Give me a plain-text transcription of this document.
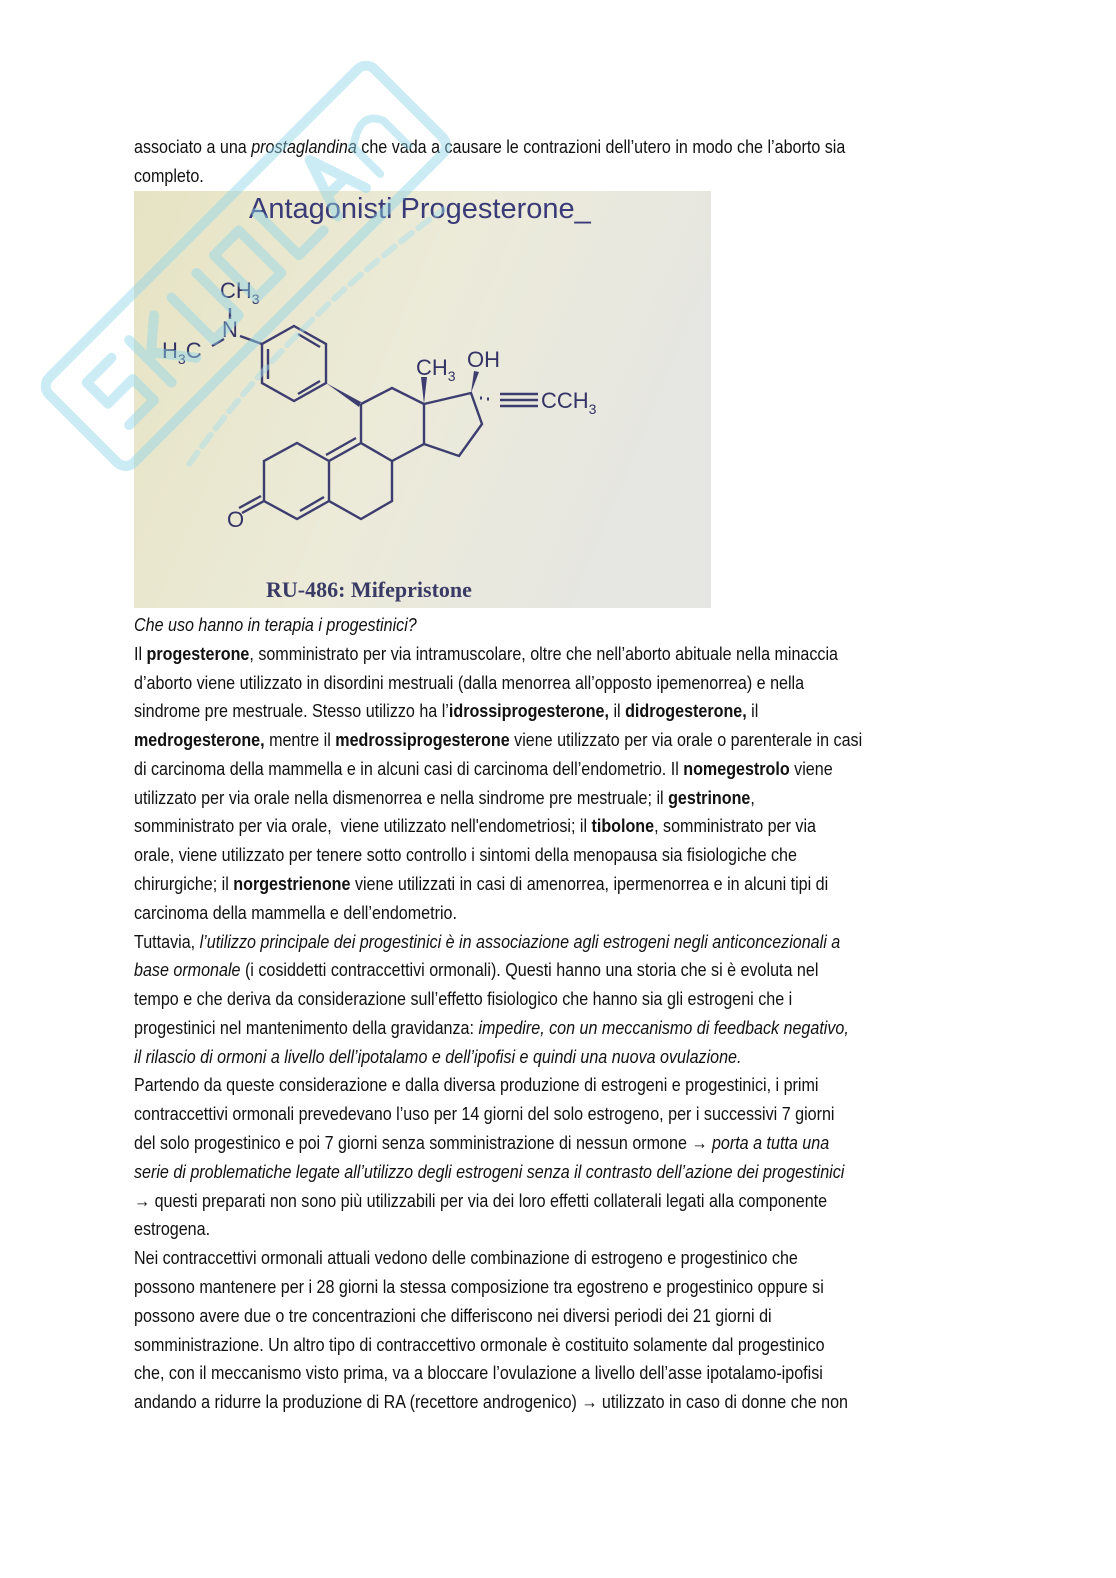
associato a una prostaglandina che vada a causare le contrazioni dell’utero in modo che l’aborto sia
completo.
Antagonisti Progesterone_
$CH_3$
N
$H_3C$
$CH_3$
OH
$CCH_3$
O
RU-486: Mifepristone
Che uso hanno in terapia i progestinici?
Il progesterone, somministrato per via intramuscolare, oltre che nell’aborto abituale nella minaccia
d’aborto viene utilizzato in disordini mestruali (dalla menorrea all’opposto ipemenorrea) e nella
sindrome pre mestruale. Stesso utilizzo ha l’idrossiprogesterone, il didrogesterone, il
medrogesterone, mentre il medrossiprogesterone viene utilizzato per via orale o parenterale in casi
di carcinoma della mammella e in alcuni casi di carcinoma dell’endometrio. Il nomegestrolo viene
utilizzato per via orale nella dismenorrea e nella sindrome pre mestruale; il gestrinone,
somministrato per via orale,  viene utilizzato nell'endometriosi; il tibolone, somministrato per via
orale, viene utilizzato per tenere sotto controllo i sintomi della menopausa sia fisiologiche che
chirurgiche; il norgestrienone viene utilizzati in casi di amenorrea, ipermenorrea e in alcuni tipi di
carcinoma della mammella e dell’endometrio.
Tuttavia, l’utilizzo principale dei progestinici è in associazione agli estrogeni negli anticoncezionali a
base ormonale (i cosiddetti contraccettivi ormonali). Questi hanno una storia che si è evoluta nel
tempo e che deriva da considerazione sull’effetto fisiologico che hanno sia gli estrogeni che i
progestinici nel mantenimento della gravidanza: impedire, con un meccanismo di feedback negativo,
il rilascio di ormoni a livello dell’ipotalamo e dell’ipofisi e quindi una nuova ovulazione.
Partendo da queste considerazione e dalla diversa produzione di estrogeni e progestinici, i primi
contraccettivi ormonali prevedevano l’uso per 14 giorni del solo estrogeno, per i successivi 7 giorni
del solo progestinico e poi 7 giorni senza somministrazione di nessun ormone → porta a tutta una
serie di problematiche legate all’utilizzo degli estrogeni senza il contrasto dell’azione dei progestinici
→ questi preparati non sono più utilizzabili per via dei loro effetti collaterali legati alla componente
estrogena.
Nei contraccettivi ormonali attuali vedono delle combinazione di estrogeno e progestinico che
possono mantenere per i 28 giorni la stessa composizione tra egostreno e progestinico oppure si
possono avere due o tre concentrazioni che differiscono nei diversi periodi dei 21 giorni di
somministrazione. Un altro tipo di contraccettivo ormonale è costituito solamente dal progestinico
che, con il meccanismo visto prima, va a bloccare l’ovulazione a livello dell’asse ipotalamo-ipofisi
andando a ridurre la produzione di RA (recettore androgenico) → utilizzato in caso di donne che non
